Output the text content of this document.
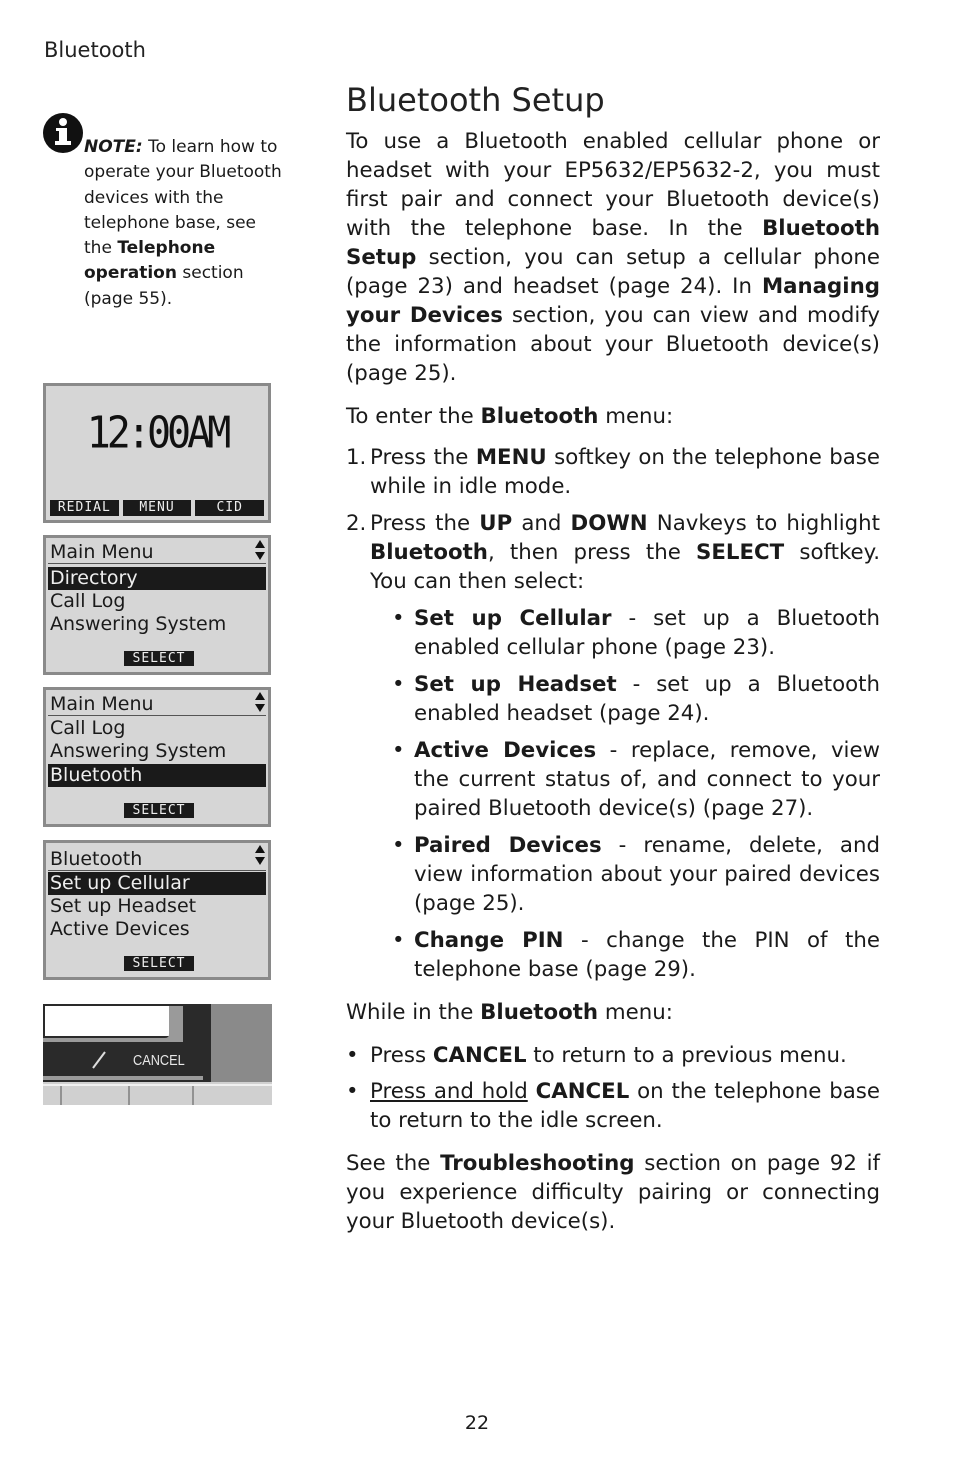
Bluetooth

NOTE: To learn how to operate your Bluetooth devices with the telephone base, see the Telephone operation section (page 55).

Bluetooth Setup

To use a Bluetooth enabled cellular phone or headset with your EP5632/EP5632-2, you must first pair and connect your Bluetooth device(s) with the telephone base. In the Bluetooth Setup section, you can setup a cellular phone (page 23) and headset (page 24). In Managing your Devices section, you can view and modify the information about your Bluetooth device(s) (page 25).

To enter the Bluetooth menu:

1. Press the MENU softkey on the telephone base while in idle mode.
2. Press the UP and DOWN Navkeys to highlight Bluetooth, then press the SELECT softkey. You can then select:
• Set up Cellular - set up a Bluetooth enabled cellular phone (page 23).
• Set up Headset - set up a Bluetooth enabled headset (page 24).
• Active Devices - replace, remove, view the current status of, and connect to your paired Bluetooth device(s) (page 27).
• Paired Devices - rename, delete, and view information about your paired devices (page 25).
• Change PIN - change the PIN of the telephone base (page 29).

While in the Bluetooth menu:

• Press CANCEL to return to a previous menu.
• Press and hold CANCEL on the telephone base to return to the idle screen.

See the Troubleshooting section on page 92 if you experience difficulty pairing or connecting your Bluetooth device(s).

12:00AM
REDIAL	MENU	CID
Main Menu
Directory
Call Log
Answering System
SELECT
Main Menu
Call Log
Answering System
Bluetooth
SELECT
Bluetooth
Set up Cellular
Set up Headset
Active Devices
SELECT
CANCEL
22
